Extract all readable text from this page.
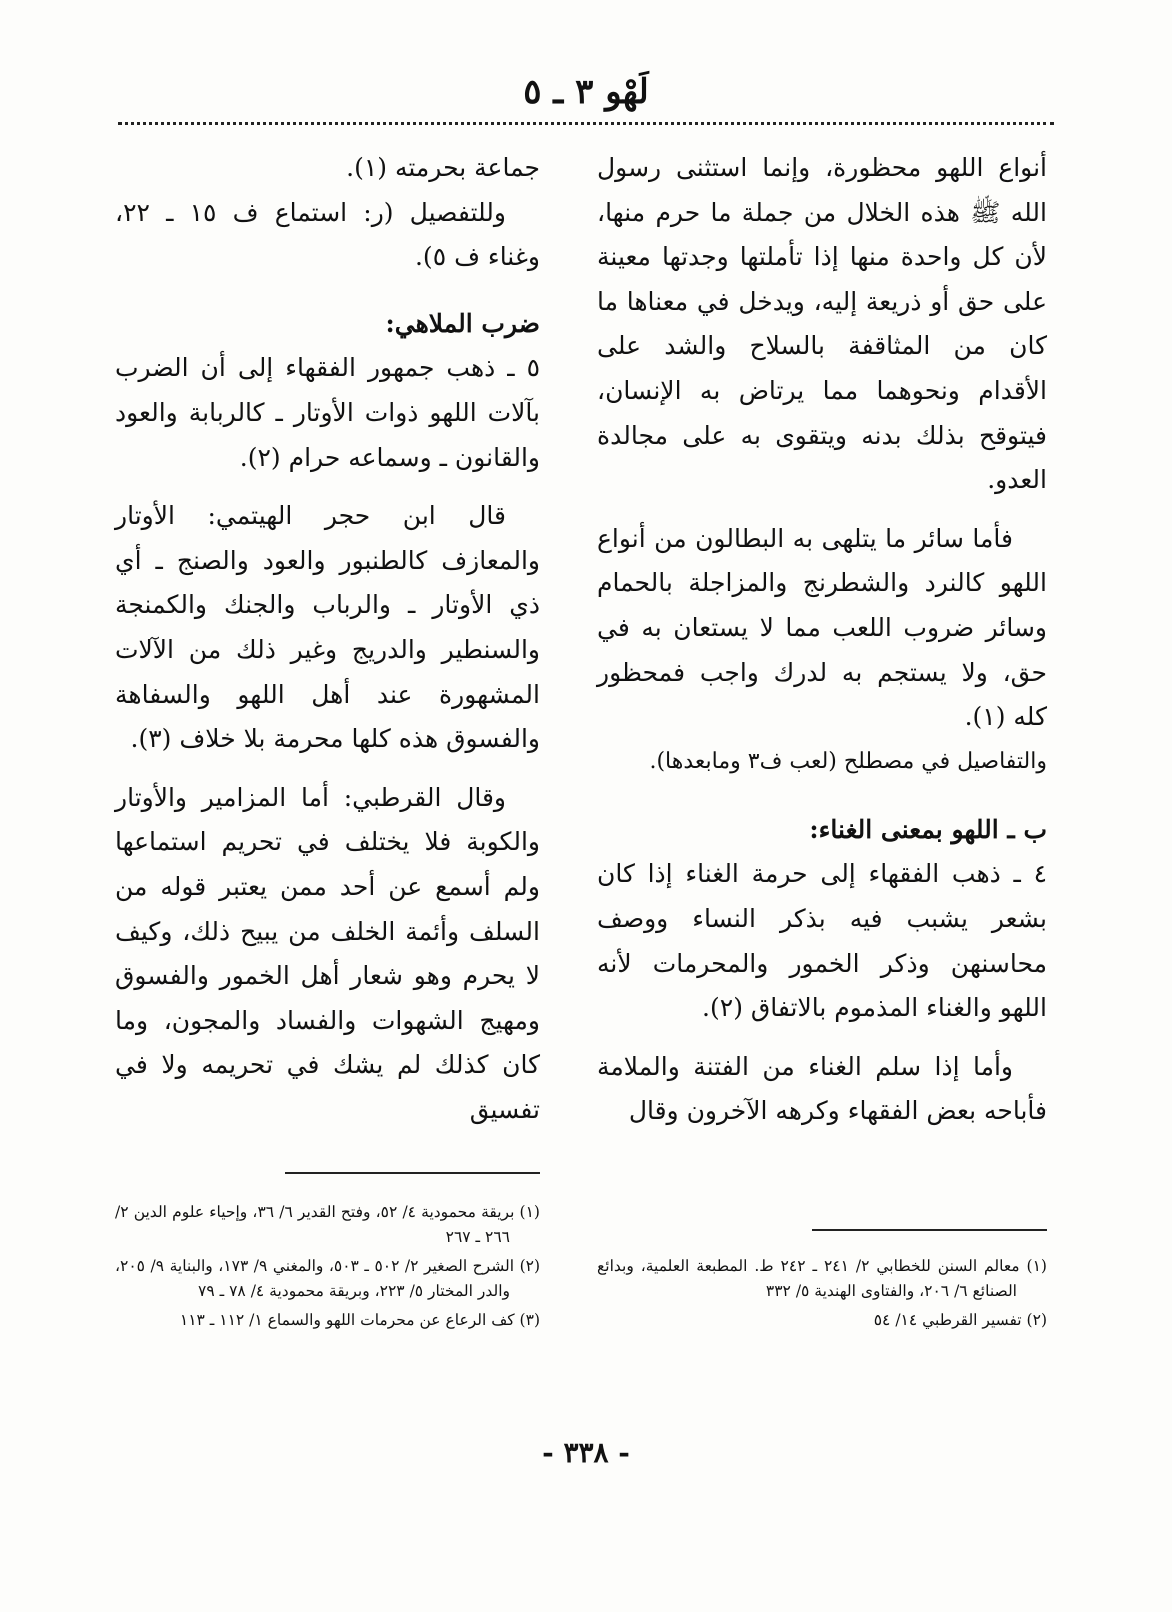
لَهْو ٣ ـ ٥

أنواع اللهو محظورة، وإنما استثنى رسول الله ﷺ هذه الخلال من جملة ما حرم منها، لأن كل واحدة منها إذا تأملتها وجدتها معينة على حق أو ذريعة إليه، ويدخل في معناها ما كان من المثاقفة بالسلاح والشد على الأقدام ونحوهما مما يرتاض به الإنسان، فيتوقح بذلك بدنه ويتقوى به على مجالدة العدو.

فأما سائر ما يتلهى به البطالون من أنواع اللهو كالنرد والشطرنج والمزاجلة بالحمام وسائر ضروب اللعب مما لا يستعان به في حق، ولا يستجم به لدرك واجب فمحظور كله (١).

والتفاصيل في مصطلح (لعب ف٣ ومابعدها).

ب ـ اللهو بمعنى الغناء:

٤ ـ ذهب الفقهاء إلى حرمة الغناء إذا كان بشعر يشبب فيه بذكر النساء ووصف محاسنهن وذكر الخمور والمحرمات لأنه اللهو والغناء المذموم بالاتفاق (٢).

وأما إذا سلم الغناء من الفتنة والملامة فأباحه بعض الفقهاء وكرهه الآخرون وقال

جماعة بحرمته (١).

وللتفصيل (ر: استماع ف ١٥ ـ ٢٢، وغناء ف ٥).

ضرب الملاهي:

٥ ـ ذهب جمهور الفقهاء إلى أن الضرب بآلات اللهو ذوات الأوتار ـ كالربابة والعود والقانون ـ وسماعه حرام (٢).

قال ابن حجر الهيتمي: الأوتار والمعازف كالطنبور والعود والصنج ـ أي ذي الأوتار ـ والرباب والجنك والكمنجة والسنطير والدريج وغير ذلك من الآلات المشهورة عند أهل اللهو والسفاهة والفسوق هذه كلها محرمة بلا خلاف (٣).

وقال القرطبي: أما المزامير والأوتار والكوبة فلا يختلف في تحريم استماعها ولم أسمع عن أحد ممن يعتبر قوله من السلف وأئمة الخلف من يبيح ذلك، وكيف لا يحرم وهو شعار أهل الخمور والفسوق ومهيج الشهوات والفساد والمجون، وما كان كذلك لم يشك في تحريمه ولا في تفسيق

(١) معالم السنن للخطابي ٢/ ٢٤١ ـ ٢٤٢ ط. المطبعة العلمية، وبدائع الصنائع ٦/ ٢٠٦، والفتاوى الهندية ٥/ ٣٣٢

(٢) تفسير القرطبي ١٤/ ٥٤

(١) بريقة محمودية ٤/ ٥٢، وفتح القدير ٦/ ٣٦، وإحياء علوم الدين ٢/ ٢٦٦ ـ ٢٦٧

(٢) الشرح الصغير ٢/ ٥٠٢ ـ ٥٠٣، والمغني ٩/ ١٧٣، والبناية ٩/ ٢٠٥، والدر المختار ٥/ ٢٢٣، وبريقة محمودية ٤/ ٧٨ ـ ٧٩

(٣) كف الرعاع عن محرمات اللهو والسماع ١/ ١١٢ ـ ١١٣

- ٣٣٨ -
